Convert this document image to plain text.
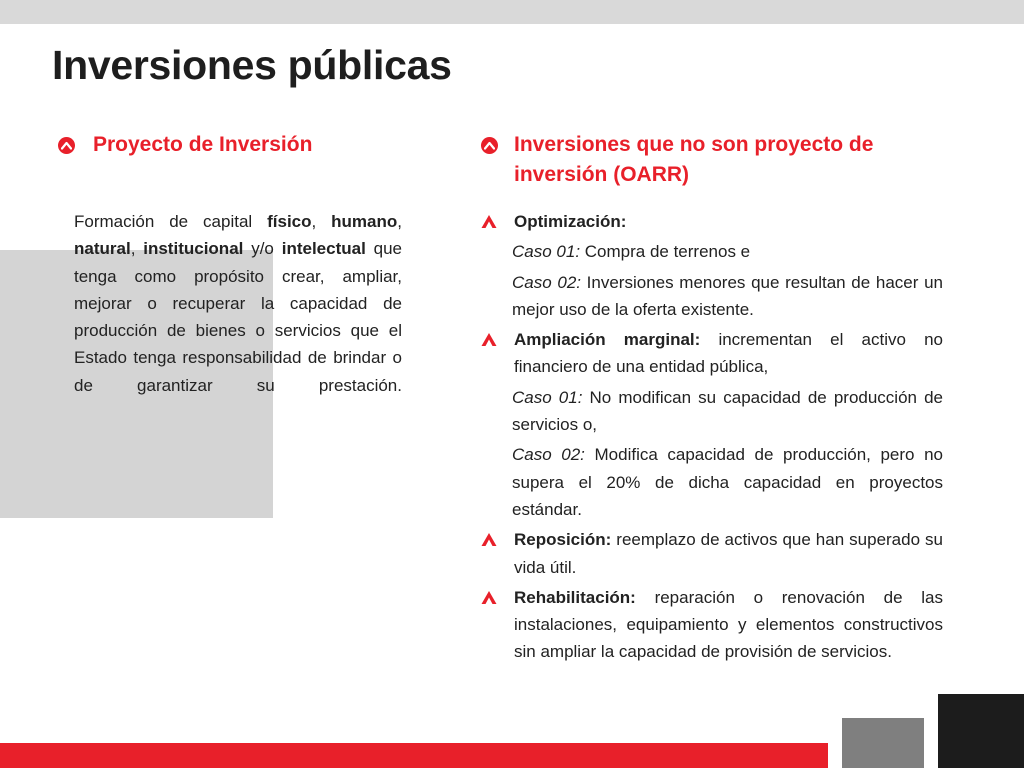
Inversiones públicas
Proyecto de Inversión
Formación de capital físico, humano, natural, institucional y/o intelectual que tenga como propósito crear, ampliar, mejorar o recuperar la capacidad de producción de bienes o servicios que el Estado tenga responsabilidad de brindar o de garantizar su prestación.
Inversiones que no son proyecto de
inversión (OARR)
Optimización:
Caso 01: Compra de terrenos e
Caso 02: Inversiones menores que resultan de hacer un mejor uso de la oferta existente.
Ampliación marginal: incrementan el activo no financiero de una entidad pública,
Caso 01: No modifican su capacidad de producción de servicios o,
Caso 02: Modifica capacidad de producción, pero no supera el 20% de dicha capacidad en proyectos estándar.
Reposición: reemplazo de activos que han superado su vida útil.
Rehabilitación: reparación o renovación de las instalaciones, equipamiento y elementos constructivos sin ampliar la capacidad de provisión de servicios.
